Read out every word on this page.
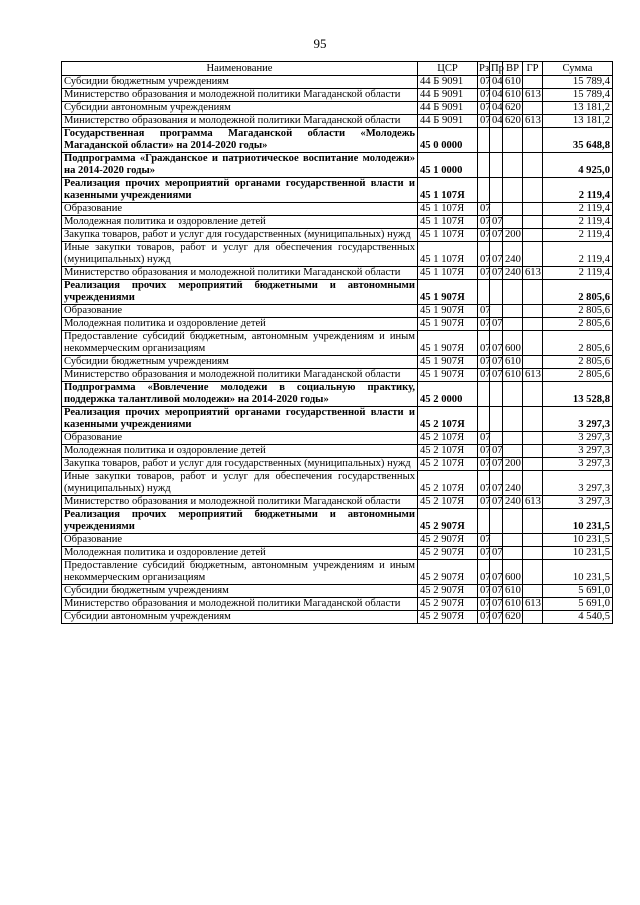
95
Наименование	ЦСР	Рз	Пр	ВР	ГР	Сумма
Субсидии бюджетным учреждениям	44 Б 9091	07	04	610		15 789,4
Министерство образования и молодежной политики Магаданской области	44 Б 9091	07	04	610	613	15 789,4
Субсидии автономным учреждениям	44 Б 9091	07	04	620		13 181,2
Министерство образования и молодежной политики Магаданской области	44 Б 9091	07	04	620	613	13 181,2
Государственная программа Магаданской области «Молодежь Магаданской области» на 2014-2020 годы»	45 0 0000					35 648,8
Подпрограмма «Гражданское и патриотическое воспитание молодежи» на 2014-2020 годы»	45 1 0000					4 925,0
Реализация прочих мероприятий органами государственной власти и казенными учреждениями	45 1 107Я					2 119,4
Образование	45 1 107Я	07				2 119,4
Молодежная политика и оздоровление детей	45 1 107Я	07	07			2 119,4
Закупка товаров, работ и услуг для государственных (муниципальных) нужд	45 1 107Я	07	07	200		2 119,4
Иные закупки товаров, работ и услуг для обеспечения государственных (муниципальных) нужд	45 1 107Я	07	07	240		2 119,4
Министерство образования и молодежной политики Магаданской области	45 1 107Я	07	07	240	613	2 119,4
Реализация прочих мероприятий бюджетными и автономными учреждениями	45 1 907Я					2 805,6
Образование	45 1 907Я	07				2 805,6
Молодежная политика и оздоровление детей	45 1 907Я	07	07			2 805,6
Предоставление субсидий бюджетным, автономным учреждениям и иным некоммерческим организациям	45 1 907Я	07	07	600		2 805,6
Субсидии бюджетным учреждениям	45 1 907Я	07	07	610		2 805,6
Министерство образования и молодежной политики Магаданской области	45 1 907Я	07	07	610	613	2 805,6
Подпрограмма «Вовлечение молодежи в социальную практику, поддержка талантливой молодежи» на 2014-2020 годы»	45 2 0000					13 528,8
Реализация прочих мероприятий органами государственной власти и казенными учреждениями	45 2 107Я					3 297,3
Образование	45 2 107Я	07				3 297,3
Молодежная политика и оздоровление детей	45 2 107Я	07	07			3 297,3
Закупка товаров, работ и услуг для государственных (муниципальных) нужд	45 2 107Я	07	07	200		3 297,3
Иные закупки товаров, работ и услуг для обеспечения государственных (муниципальных) нужд	45 2 107Я	07	07	240		3 297,3
Министерство образования и молодежной политики Магаданской области	45 2 107Я	07	07	240	613	3 297,3
Реализация прочих мероприятий бюджетными и автономными учреждениями	45 2 907Я					10 231,5
Образование	45 2 907Я	07				10 231,5
Молодежная политика и оздоровление детей	45 2 907Я	07	07			10 231,5
Предоставление субсидий бюджетным, автономным учреждениям и иным некоммерческим организациям	45 2 907Я	07	07	600		10 231,5
Субсидии бюджетным учреждениям	45 2 907Я	07	07	610		5 691,0
Министерство образования и молодежной политики Магаданской области	45 2 907Я	07	07	610	613	5 691,0
Субсидии автономным учреждениям	45 2 907Я	07	07	620		4 540,5
